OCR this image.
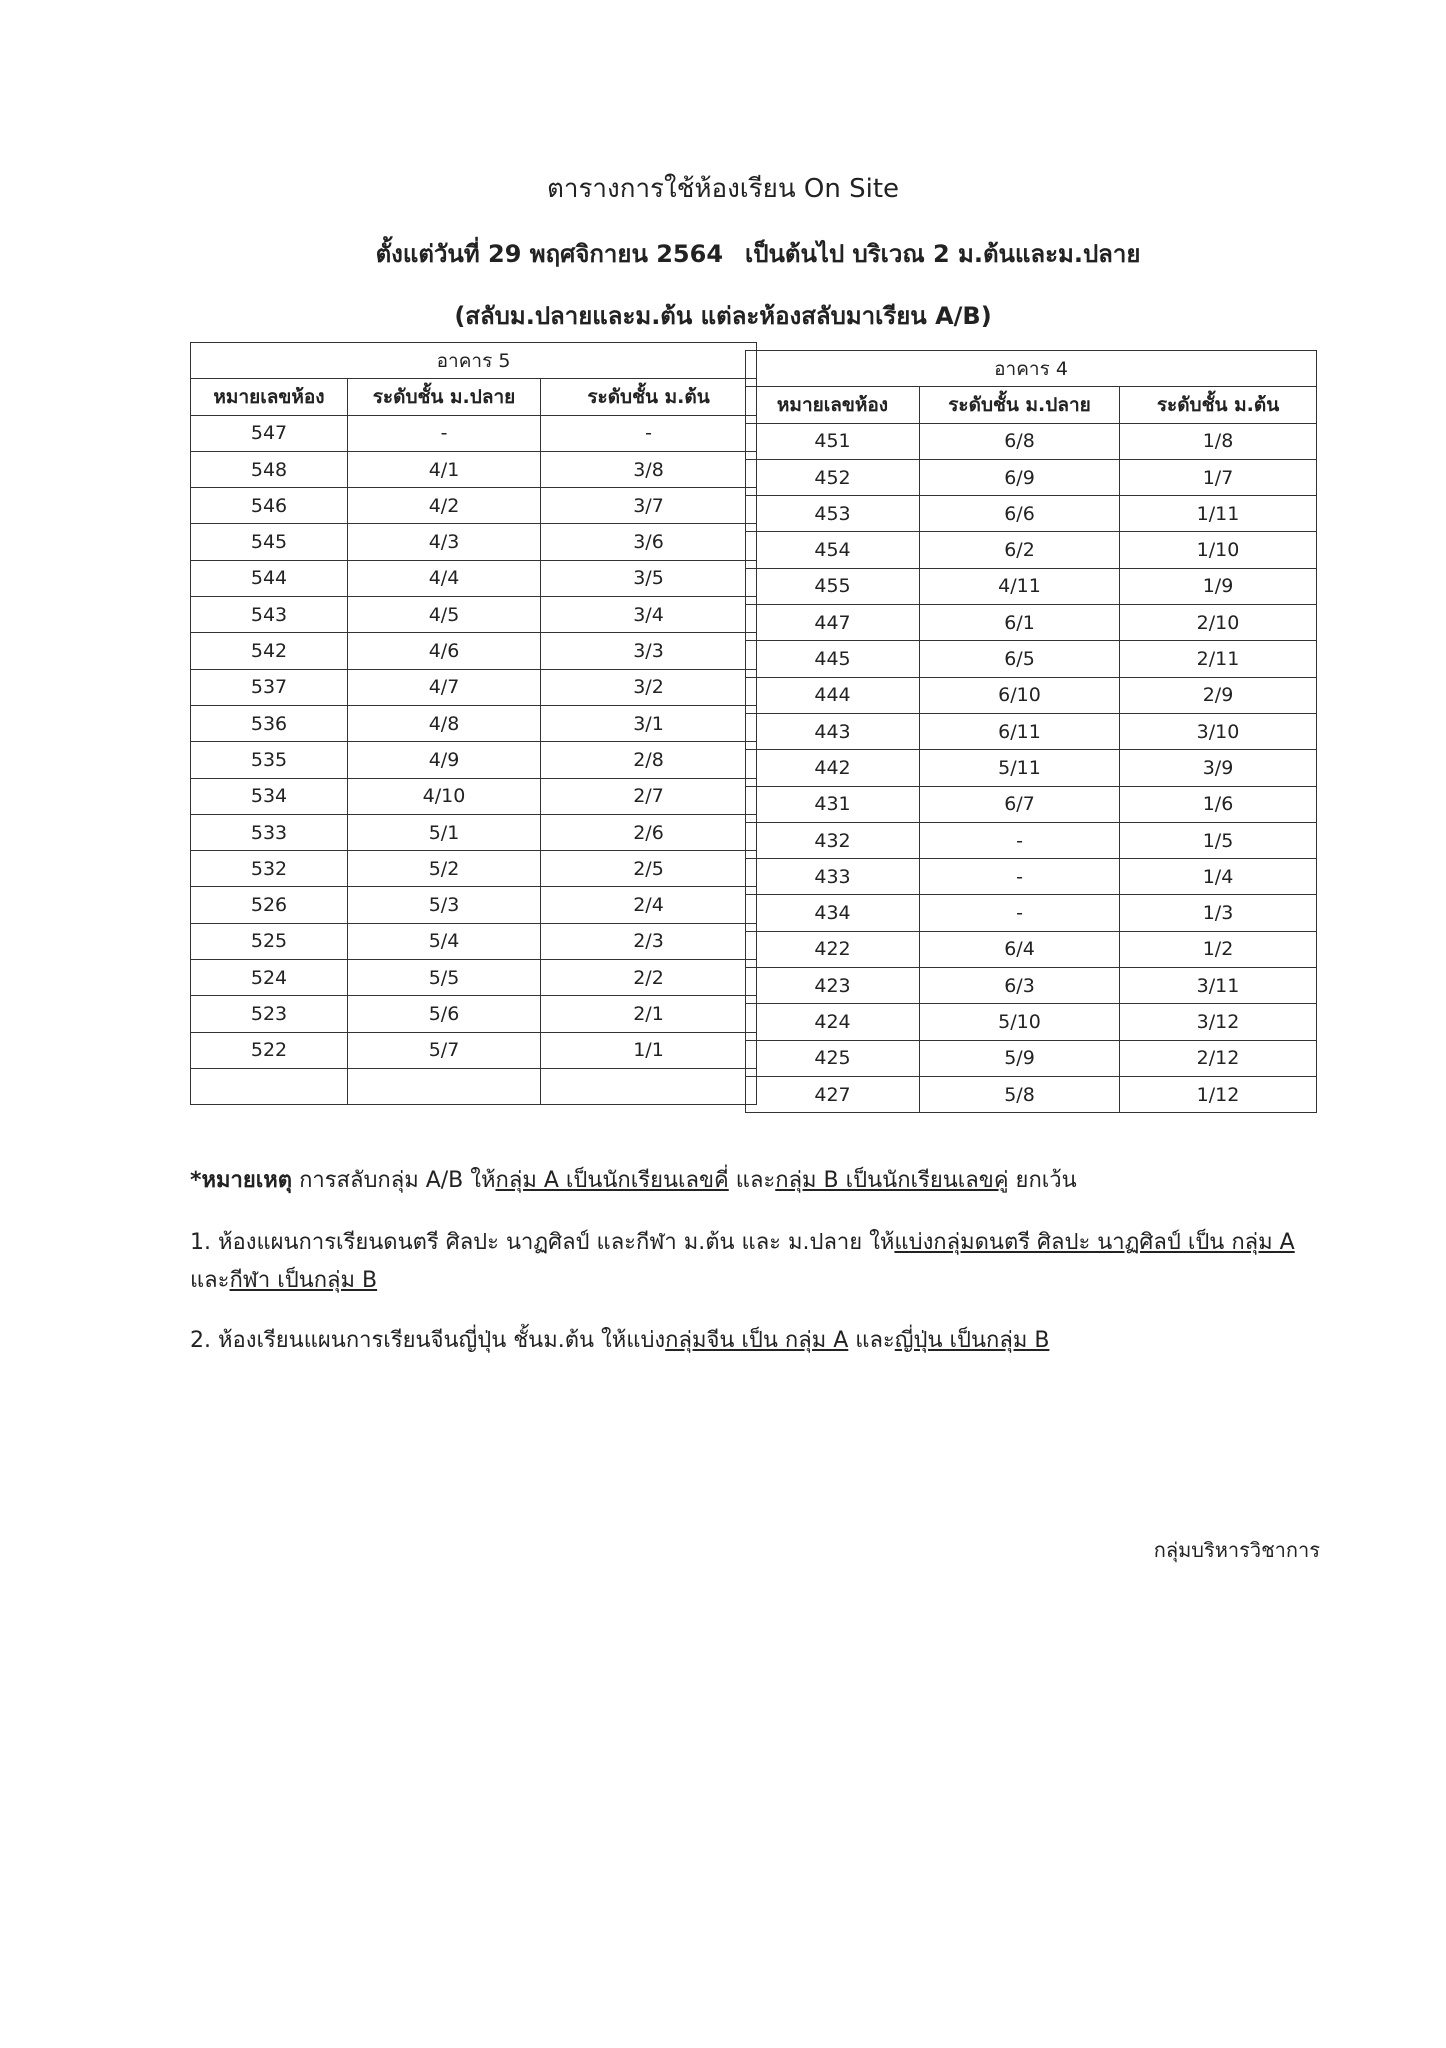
ตารางการใช้ห้องเรียน On Site
ตั้งแต่วันที่ 29 พฤศจิกายน 2564 เป็นต้นไป บริเวณ 2 ม.ต้นและม.ปลาย
(สลับม.ปลายและม.ต้น แต่ละห้องสลับมาเรียน A/B)
อาคาร 5		
หมายเลขห้อง	ระดับชั้น ม.ปลาย	ระดับชั้น ม.ต้น
547	-	-
548	4/1	3/8
546	4/2	3/7
545	4/3	3/6
544	4/4	3/5
543	4/5	3/4
542	4/6	3/3
537	4/7	3/2
536	4/8	3/1
535	4/9	2/8
534	4/10	2/7
533	5/1	2/6
532	5/2	2/5
526	5/3	2/4
525	5/4	2/3
524	5/5	2/2
523	5/6	2/1
522	5/7	1/1

อาคาร 4		
หมายเลขห้อง	ระดับชั้น ม.ปลาย	ระดับชั้น ม.ต้น
451	6/8	1/8
452	6/9	1/7
453	6/6	1/11
454	6/2	1/10
455	4/11	1/9
447	6/1	2/10
445	6/5	2/11
444	6/10	2/9
443	6/11	3/10
442	5/11	3/9
431	6/7	1/6
432	-	1/5
433	-	1/4
434	-	1/3
422	6/4	1/2
423	6/3	3/11
424	5/10	3/12
425	5/9	2/12
427	5/8	1/12
*หมายเหตุ การสลับกลุ่ม A/B ให้กลุ่ม A เป็นนักเรียนเลขคี่ และกลุ่ม B เป็นนักเรียนเลขคู่ ยกเว้น
1. ห้องแผนการเรียนดนตรี ศิลปะ นาฏศิลป์ และกีฬา ม.ต้น และ ม.ปลาย ให้แบ่งกลุ่มดนตรี ศิลปะ นาฏศิลป์ เป็น กลุ่ม A
และกีฬา เป็นกลุ่ม B
2. ห้องเรียนแผนการเรียนจีนญี่ปุ่น ชั้นม.ต้น ให้แบ่งกลุ่มจีน เป็น กลุ่ม A และญี่ปุ่น เป็นกลุ่ม B
กลุ่มบริหารวิชาการ
